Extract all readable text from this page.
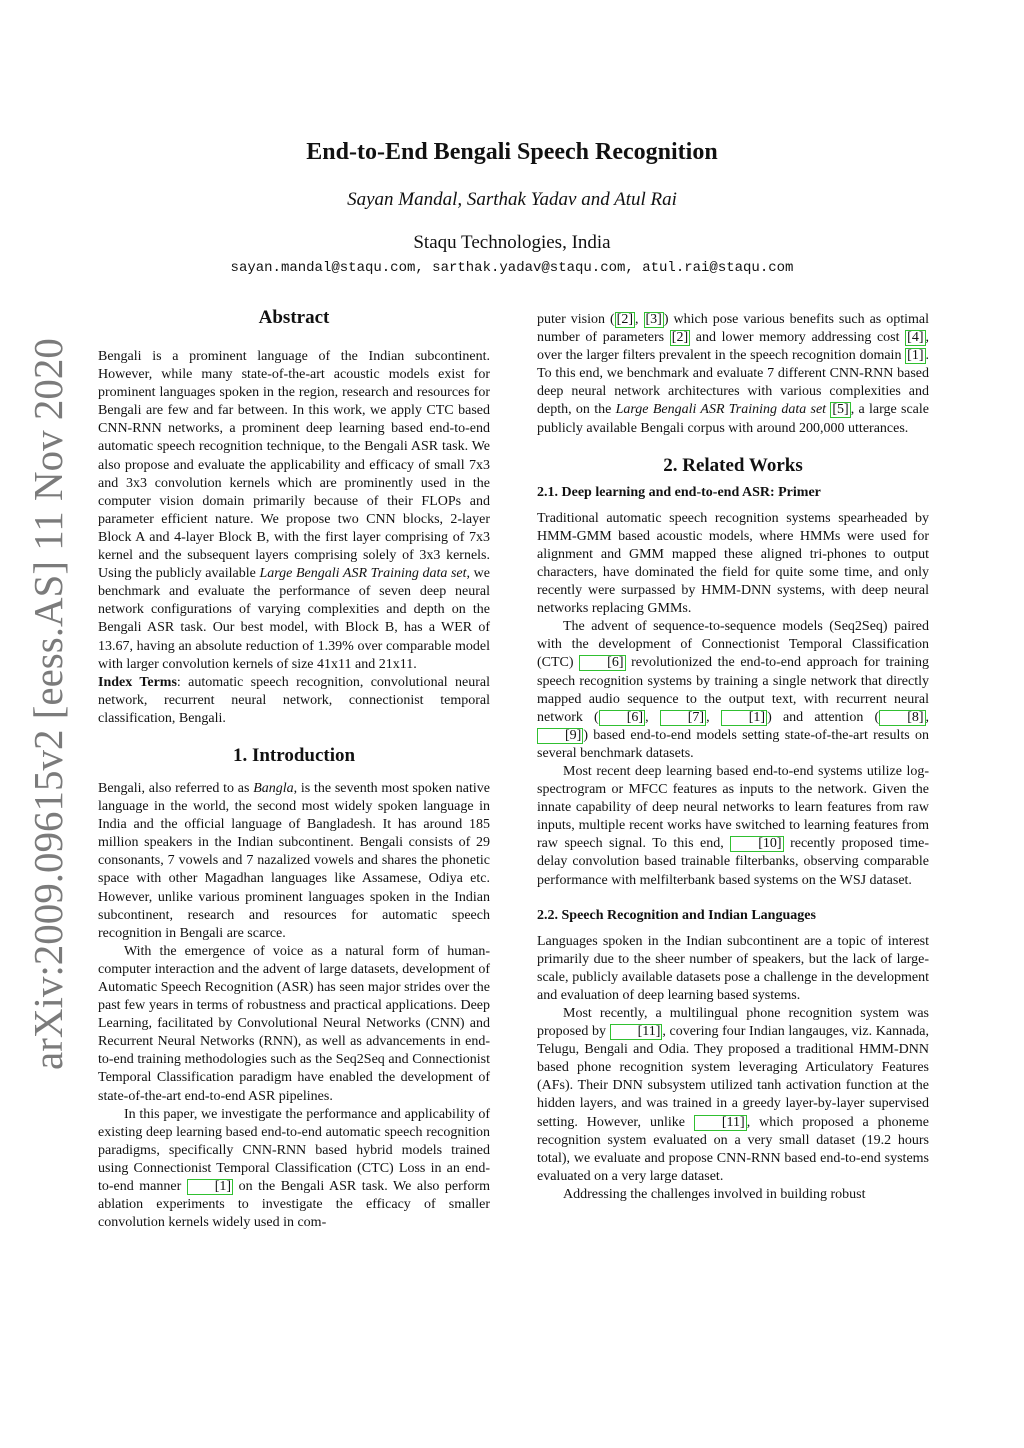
arXiv:2009.09615v2 [eess.AS] 11 Nov 2020
End-to-End Bengali Speech Recognition
Sayan Mandal, Sarthak Yadav and Atul Rai
Staqu Technologies, India
sayan.mandal@staqu.com, sarthak.yadav@staqu.com, atul.rai@staqu.com
Abstract

Bengali is a prominent language of the Indian subcontinent. However, while many state-of-the-art acoustic models exist for prominent languages spoken in the region, research and resources for Bengali are few and far between. In this work, we apply CTC based CNN-RNN networks, a prominent deep learning based end-to-end automatic speech recognition technique, to the Bengali ASR task. We also propose and evaluate the applicability and efficacy of small 7x3 and 3x3 convolution kernels which are prominently used in the computer vision domain primarily because of their FLOPs and parameter efficient nature. We propose two CNN blocks, 2-layer Block A and 4-layer Block B, with the first layer comprising of 7x3 kernel and the subsequent layers comprising solely of 3x3 kernels. Using the publicly available Large Bengali ASR Training data set, we benchmark and evaluate the performance of seven deep neural network configurations of varying complexities and depth on the Bengali ASR task. Our best model, with Block B, has a WER of 13.67, having an absolute reduction of 1.39% over comparable model with larger convolution kernels of size 41x11 and 21x11.

Index Terms: automatic speech recognition, convolutional neural network, recurrent neural network, connectionist temporal classification, Bengali.

1. Introduction

Bengali, also referred to as Bangla, is the seventh most spoken native language in the world, the second most widely spoken language in India and the official language of Bangladesh. It has around 185 million speakers in the Indian subcontinent. Bengali consists of 29 consonants, 7 vowels and 7 nazalized vowels and shares the phonetic space with other Magadhan languages like Assamese, Odiya etc. However, unlike various prominent languages spoken in the Indian subcontinent, research and resources for automatic speech recognition in Bengali are scarce.

With the emergence of voice as a natural form of human-computer interaction and the advent of large datasets, development of Automatic Speech Recognition (ASR) has seen major strides over the past few years in terms of robustness and practical applications. Deep Learning, facilitated by Convolutional Neural Networks (CNN) and Recurrent Neural Networks (RNN), as well as advancements in end-to-end training methodologies such as the Seq2Seq and Connectionist Temporal Classification paradigm have enabled the development of state-of-the-art end-to-end ASR pipelines.

In this paper, we investigate the performance and applicability of existing deep learning based end-to-end automatic speech recognition paradigms, specifically CNN-RNN based hybrid models trained using Connectionist Temporal Classification (CTC) Loss in an end-to-end manner [1] on the Bengali ASR task. We also perform ablation experiments to investigate the efficacy of smaller convolution kernels widely used in com-

puter vision ( [2] , [3] ) which pose various benefits such as optimal number of parameters [2] and lower memory addressing cost [4] , over the larger filters prevalent in the speech recognition domain [1] . To this end, we benchmark and evaluate 7 different CNN-RNN based deep neural network architectures with various complexities and depth, on the Large Bengali ASR Training data set [5] , a large scale publicly available Bengali corpus with around 200,000 utterances.

2. Related Works
2.1. Deep learning and end-to-end ASR: Primer

Traditional automatic speech recognition systems spearheaded by HMM-GMM based acoustic models, where HMMs were used for alignment and GMM mapped these aligned tri-phones to output characters, have dominated the field for quite some time, and only recently were surpassed by HMM-DNN systems, with deep neural networks replacing GMMs.

The advent of sequence-to-sequence models (Seq2Seq) paired with the development of Connectionist Temporal Classification (CTC) [6] revolutionized the end-to-end approach for training speech recognition systems by training a single network that directly mapped audio sequence to the output text, with recurrent neural network ( [6] , [7] , [1] ) and attention ( [8] , [9] ) based end-to-end models setting state-of-the-art results on several benchmark datasets.

Most recent deep learning based end-to-end systems utilize log-spectrogram or MFCC features as inputs to the network. Given the innate capability of deep neural networks to learn features from raw inputs, multiple recent works have switched to learning features from raw speech signal. To this end, [10] recently proposed time-delay convolution based trainable filterbanks, observing comparable performance with melfilterbank based systems on the WSJ dataset.

2.2. Speech Recognition and Indian Languages

Languages spoken in the Indian subcontinent are a topic of interest primarily due to the sheer number of speakers, but the lack of large-scale, publicly available datasets pose a challenge in the development and evaluation of deep learning based systems.

Most recently, a multilingual phone recognition system was proposed by [11] , covering four Indian langauges, viz. Kannada, Telugu, Bengali and Odia. They proposed a traditional HMM-DNN based phone recognition system leveraging Articulatory Features (AFs). Their DNN subsystem utilized tanh activation function at the hidden layers, and was trained in a greedy layer-by-layer supervised setting. However, unlike [11] , which proposed a phoneme recognition system evaluated on a very small dataset (19.2 hours total), we evaluate and propose CNN-RNN based end-to-end systems evaluated on a very large dataset.

Addressing the challenges involved in building robust
